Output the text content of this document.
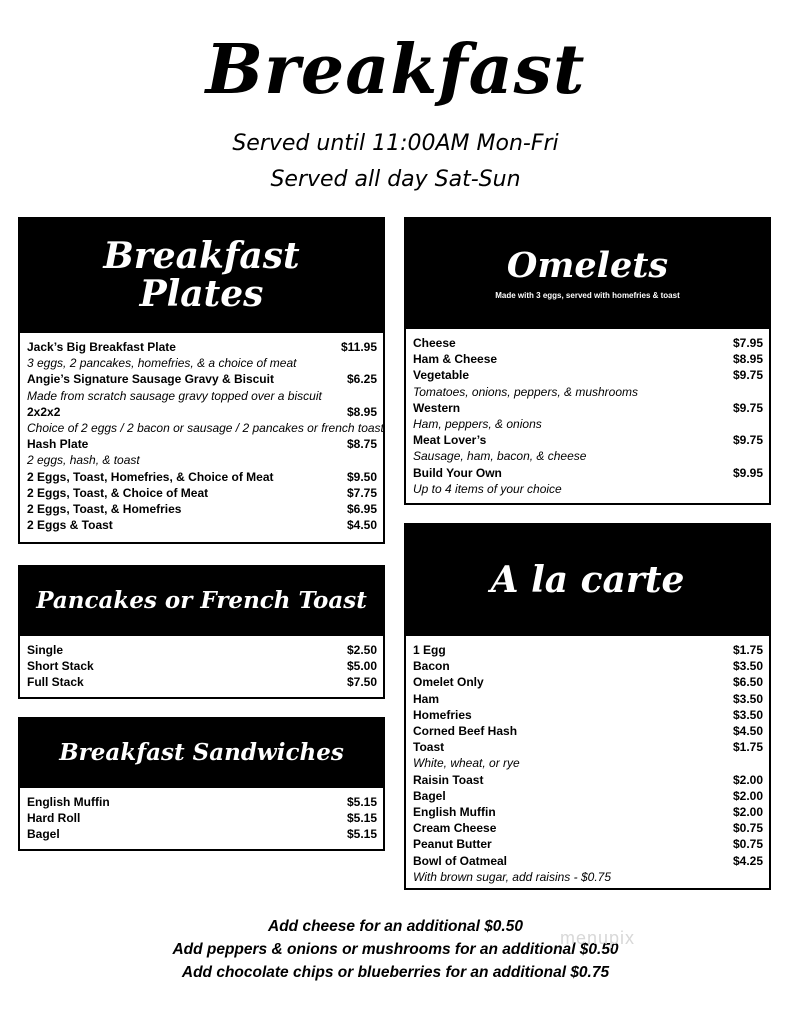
Breakfast
Served until 11:00AM Mon-Fri
Served all day Sat-Sun
Breakfast
Plates
Jack’s Big Breakfast Plate	$11.95
3 eggs, 2 pancakes, homefries, & a choice of meat
Angie’s Signature Sausage Gravy & Biscuit	$6.25
Made from scratch sausage gravy topped over a biscuit
2x2x2	$8.95
Choice of 2 eggs / 2 bacon or sausage / 2 pancakes or french toast
Hash Plate	$8.75
2 eggs, hash, & toast
2 Eggs, Toast, Homefries, & Choice of Meat	$9.50
2 Eggs, Toast, & Choice of Meat	$7.75
2 Eggs, Toast, & Homefries	$6.95
2 Eggs & Toast	$4.50
Pancakes or French Toast
Single	$2.50
Short Stack	$5.00
Full Stack	$7.50
Breakfast Sandwiches
English Muffin	$5.15
Hard Roll	$5.15
Bagel	$5.15
Omelets
Made with 3 eggs, served with homefries & toast
Cheese	$7.95
Ham & Cheese	$8.95
Vegetable	$9.75
Tomatoes, onions, peppers, & mushrooms
Western	$9.75
Ham, peppers, & onions
Meat Lover’s	$9.75
Sausage, ham, bacon, & cheese
Build Your Own	$9.95
Up to 4 items of your choice
A la carte
1 Egg	$1.75
Bacon	$3.50
Omelet Only	$6.50
Ham	$3.50
Homefries	$3.50
Corned Beef Hash	$4.50
Toast	$1.75
White, wheat, or rye
Raisin Toast	$2.00
Bagel	$2.00
English Muffin	$2.00
Cream Cheese	$0.75
Peanut Butter	$0.75
Bowl of Oatmeal	$4.25
With brown sugar, add raisins - $0.75
Add cheese for an additional $0.50
Add peppers & onions or mushrooms for an additional $0.50
Add chocolate chips or blueberries for an additional $0.75
menupix
